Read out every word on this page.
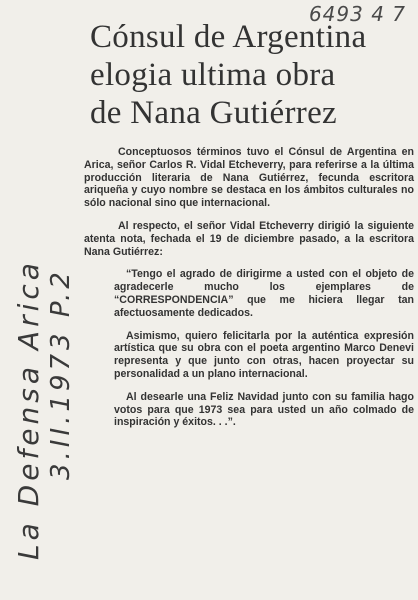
La Defensa Arica 3.II.1973 P.2
6493 4 7
Cónsul de Argentina
elogia ultima obra
de Nana Gutiérrez

Conceptuosos términos tuvo el Cónsul de Argentina en Arica, señor Carlos R. Vidal Etcheverry, para referirse a la última producción literaria de Nana Gutiérrez, fecunda escritora ariqueña y cuyo nombre se destaca en los ámbitos culturales no sólo nacional sino que internacional.

Al respecto, el señor Vidal Etcheverry dirigió la siguiente atenta nota, fechada el 19 de diciembre pasado, a la escritora Nana Gutiérrez:

“Tengo el agrado de dirigirme a usted con el objeto de agradecerle mucho los ejemplares de “CORRESPONDENCIA” que me hiciera llegar tan afectuosamente dedicados.

Asimismo, quiero felicitarla por la auténtica expresión artística que su obra con el poeta argentino Marco Denevi representa y que junto con otras, hacen proyectar su personalidad a un plano internacional.

Al desearle una Feliz Navidad junto con su familia hago votos para que 1973 sea para usted un año colmado de inspiración y éxitos. . .”.
